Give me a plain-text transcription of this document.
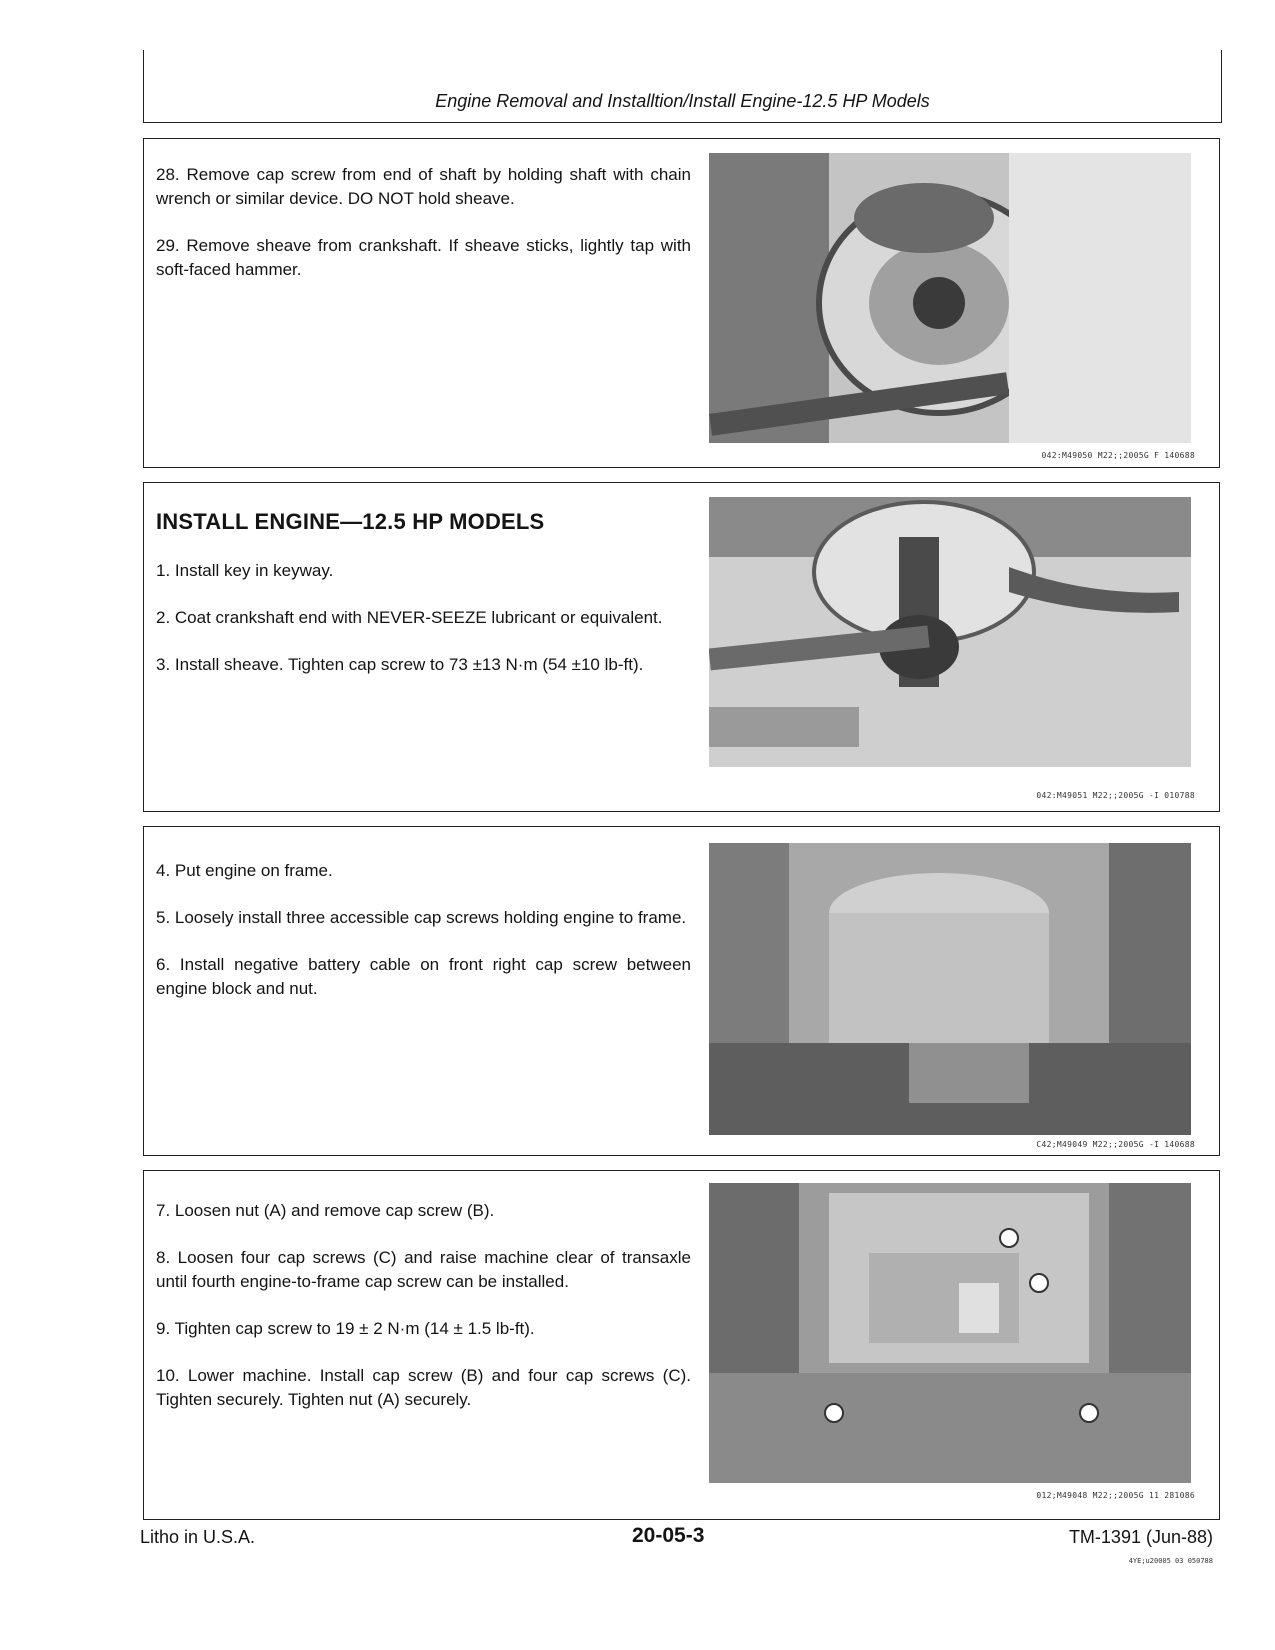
Engine Removal and Installtion/Install Engine-12.5 HP Models

28. Remove cap screw from end of shaft by holding shaft with chain wrench or similar device. DO NOT hold sheave.

29. Remove sheave from crankshaft. If sheave sticks, lightly tap with soft-faced hammer.

042:M49050 M22;;2005G F 140688
INSTALL ENGINE—12.5 HP MODELS

1. Install key in keyway.

2. Coat crankshaft end with NEVER-SEEZE lubricant or equivalent.

3. Install sheave. Tighten cap screw to 73 ±13 N·m (54 ±10 lb-ft).

042:M49051 M22;;2005G -I 010788

4. Put engine on frame.

5. Loosely install three accessible cap screws holding engine to frame.

6. Install negative battery cable on front right cap screw between engine block and nut.

C42;M49049 M22;;2005G -I 140688

7. Loosen nut (A) and remove cap screw (B).

8. Loosen four cap screws (C) and raise machine clear of transaxle until fourth engine-to-frame cap screw can be installed.

9. Tighten cap screw to 19 ± 2 N·m (14 ± 1.5 lb-ft).

10. Lower machine. Install cap screw (B) and four cap screws (C). Tighten securely. Tighten nut (A) securely.

012;M49048 M22;;2005G 11 281086
Litho in U.S.A.	20-05-3	TM-1391 (Jun-88)
4YE;u20005 03 050788
